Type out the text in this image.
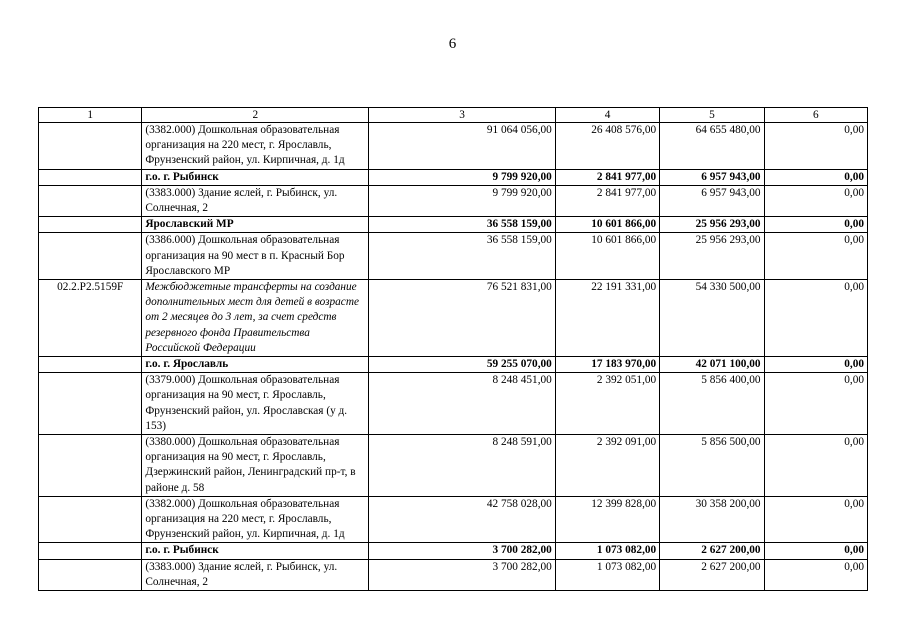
6
1	2	3	4	5	6
	(3382.000) Дошкольная образовательная организация на 220 мест, г. Ярославль, Фрунзенский район, ул. Кирпичная, д. 1д	91 064 056,00	26 408 576,00	64 655 480,00	0,00
	г.о. г. Рыбинск	9 799 920,00	2 841 977,00	6 957 943,00	0,00
	(3383.000) Здание яслей, г. Рыбинск, ул. Солнечная, 2	9 799 920,00	2 841 977,00	6 957 943,00	0,00
	Ярославский МР	36 558 159,00	10 601 866,00	25 956 293,00	0,00
	(3386.000) Дошкольная образовательная организация на 90 мест в п. Красный Бор Ярославского МР	36 558 159,00	10 601 866,00	25 956 293,00	0,00
02.2.P2.5159F	Межбюджетные трансферты на создание дополнительных мест для детей в возрасте от 2 месяцев до 3 лет, за счет средств резервного фонда Правительства Российской Федерации	76 521 831,00	22 191 331,00	54 330 500,00	0,00
	г.о. г. Ярославль	59 255 070,00	17 183 970,00	42 071 100,00	0,00
	(3379.000) Дошкольная образовательная организация на 90 мест, г. Ярославль, Фрунзенский район, ул. Ярославская (у д. 153)	8 248 451,00	2 392 051,00	5 856 400,00	0,00
	(3380.000) Дошкольная образовательная организация на 90 мест, г. Ярославль, Дзержинский район, Ленинградский пр-т, в районе д. 58	8 248 591,00	2 392 091,00	5 856 500,00	0,00
	(3382.000) Дошкольная образовательная организация на 220 мест, г. Ярославль, Фрунзенский район, ул. Кирпичная, д. 1д	42 758 028,00	12 399 828,00	30 358 200,00	0,00
	г.о. г. Рыбинск	3 700 282,00	1 073 082,00	2 627 200,00	0,00
	(3383.000) Здание яслей, г. Рыбинск, ул. Солнечная, 2	3 700 282,00	1 073 082,00	2 627 200,00	0,00
